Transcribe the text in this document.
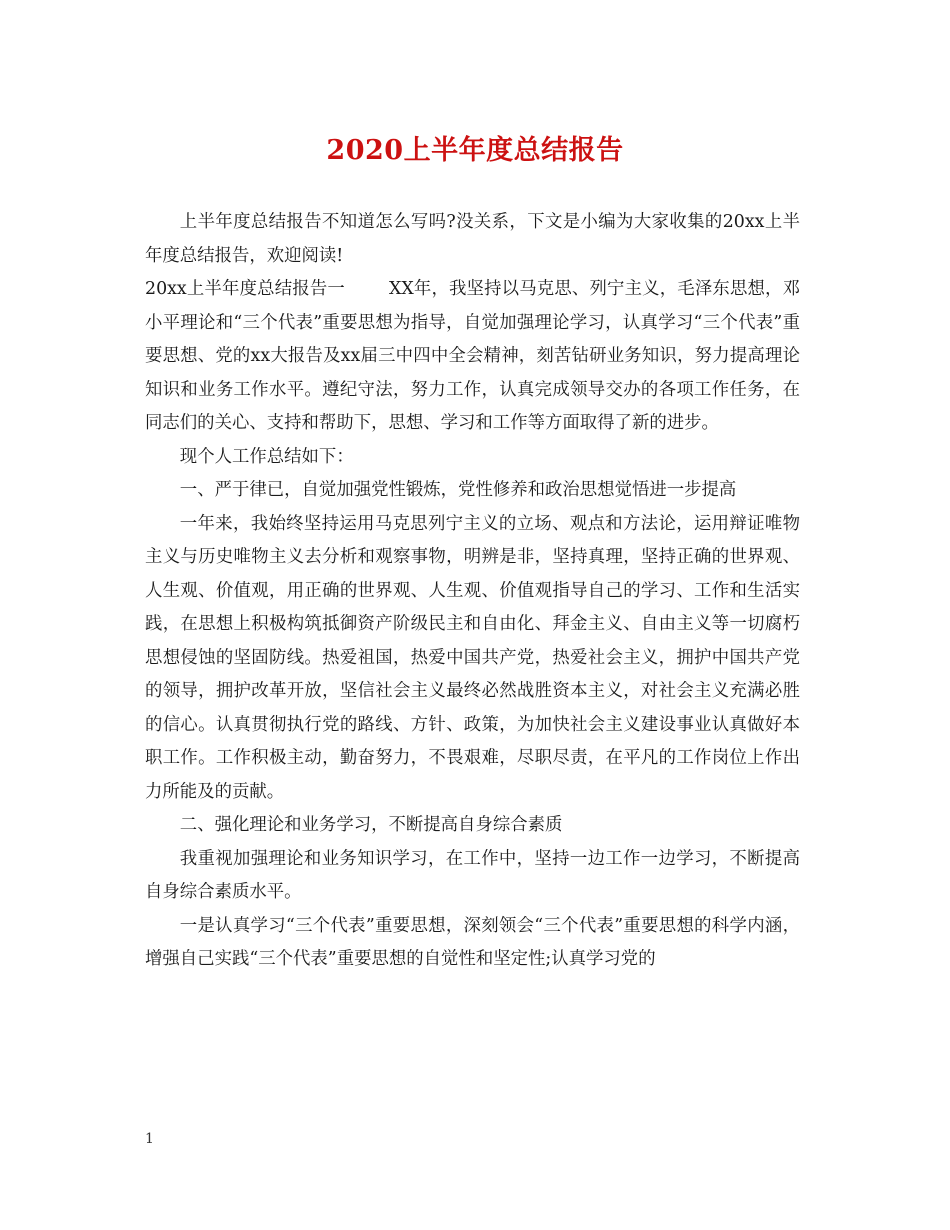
2020上半年度总结报告

上半年度总结报告不知道怎么写吗?没关系，下文是小编为大家收集的20xx上半年度总结报告，欢迎阅读!

20xx上半年度总结报告一	XX年，我坚持以马克思、列宁主义，毛泽东思想，邓小平理论和“三个代表”重要思想为指导，自觉加强理论学习，认真学习“三个代表”重要思想、党的xx大报告及xx届三中四中全会精神，刻苦钻研业务知识，努力提高理论知识和业务工作水平。遵纪守法，努力工作，认真完成领导交办的各项工作任务，在同志们的关心、支持和帮助下，思想、学习和工作等方面取得了新的进步。

现个人工作总结如下：

一、严于律已，自觉加强党性锻炼，党性修养和政治思想觉悟进一步提高

一年来，我始终坚持运用马克思列宁主义的立场、观点和方法论，运用辩证唯物主义与历史唯物主义去分析和观察事物，明辨是非，坚持真理，坚持正确的世界观、人生观、价值观，用正确的世界观、人生观、价值观指导自己的学习、工作和生活实践，在思想上积极构筑抵御资产阶级民主和自由化、拜金主义、自由主义等一切腐朽思想侵蚀的坚固防线。热爱祖国，热爱中国共产党，热爱社会主义，拥护中国共产党的领导，拥护改革开放，坚信社会主义最终必然战胜资本主义，对社会主义充满必胜的信心。认真贯彻执行党的路线、方针、政策，为加快社会主义建设事业认真做好本职工作。工作积极主动，勤奋努力，不畏艰难，尽职尽责，在平凡的工作岗位上作出力所能及的贡献。

二、强化理论和业务学习，不断提高自身综合素质

我重视加强理论和业务知识学习，在工作中，坚持一边工作一边学习，不断提高自身综合素质水平。

一是认真学习“三个代表”重要思想，深刻领会“三个代表”重要思想的科学内涵，增强自己实践“三个代表”重要思想的自觉性和坚定性;认真学习党的

1
